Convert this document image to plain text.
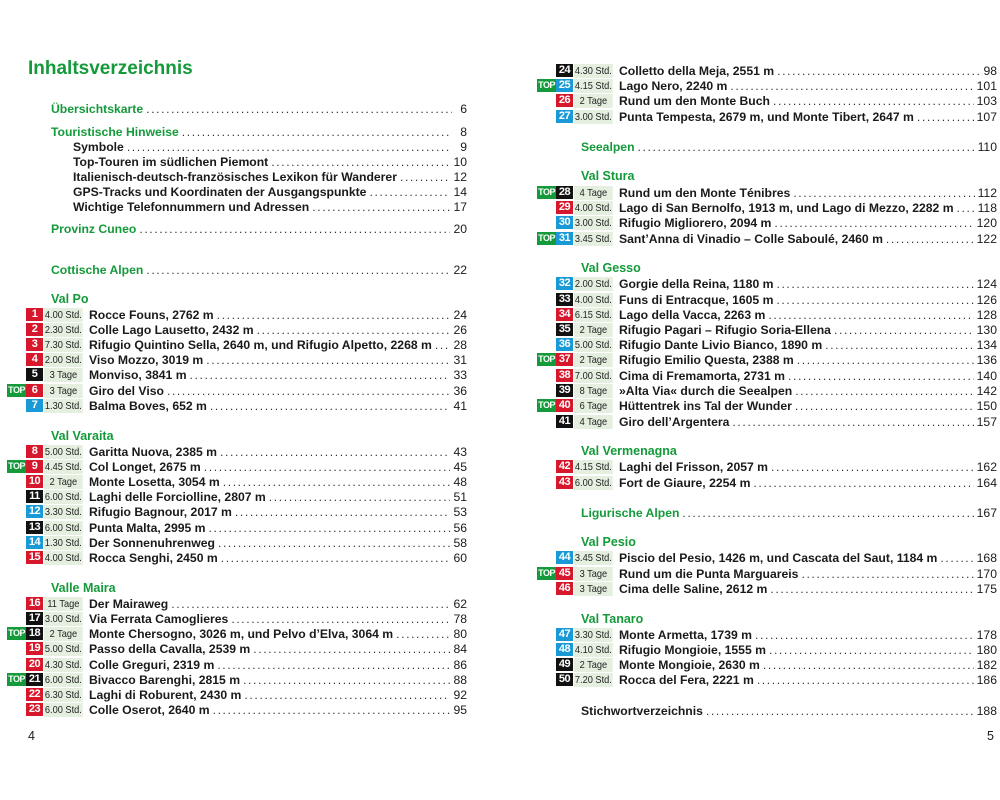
Inhaltsverzeichnis
Übersichtskarte .....	6
Touristische Hinweise .....	8
Symbole .....	9
Top-Touren im südlichen Piemont .....	10
Italienisch-deutsch-französisches Lexikon für Wanderer .....	12
GPS-Tracks und Koordinaten der Ausgangspunkte .....	14
Wichtige Telefonnummern und Adressen .....	17
Provinz Cuneo .....	20
Cottische Alpen .....	22
Val Po
Val Varaita
Valle Maira
1 4.00 Std. Rocce Founs, 2762 m .....	24
2 2.30 Std. Colle Lago Lausetto, 2432 m .....	26
3 7.30 Std. Rifugio Quintino Sella, 2640 m, und Rifugio Alpetto, 2268 m ..... 28
4 2.00 Std. Viso Mozzo, 3019 m .....	31
5	3 Tage Monviso, 3841 m .....	33
TOP 6	3 Tage Giro del Viso .....	36
7 1.30 Std. Balma Boves, 652 m .....	41
8 5.00 Std. Garitta Nuova, 2385 m .....	43
TOP 9 4.45 Std. Col Longet, 2675 m .....	45
10 2 Tage Monte Losetta, 3054 m .....	48
11 6.00 Std. Laghi delle Forciolline, 2807 m .....	51
12 3.30 Std. Rifugio Bagnour, 2017 m .....	53
13 6.00 Std. Punta Malta, 2995 m .....	56
14 1.30 Std. Der Sonnenuhrenweg .....	58
15 4.00 Std. Rocca Senghi, 2450 m .....	60
16 11 Tage Der Mairaweg .....	62
17 3.00 Std. Via Ferrata Camoglieres .....	78
TOP 18 2 Tage Monte Chersogno, 3026 m, und Pelvo d’Elva, 3064 m .....	80
19 5.00 Std. Passo della Cavalla, 2539 m .....	84
20 4.30 Std. Colle Greguri, 2319 m .....	86
TOP 21 6.00 Std. Bivacco Barenghi, 2815 m .....	88
22 6.30 Std. Laghi di Roburent, 2430 m .....	92
23 6.00 Std. Colle Oserot, 2640 m .....	95
4
Seealpen .....	110
Ligurische Alpen .....	167
Stichwortverzeichnis .....	188
Val Stura
Val Gesso
Val Vermenagna
Val Pesio
Val Tanaro
24 4.30 Std. Colletto della Meja, 2551 m .....	98
TOP 25 4.15 Std. Lago Nero, 2240 m .....	101
26 2 Tage Rund um den Monte Buch .....	103
27 3.00 Std. Punta Tempesta, 2679 m, und Monte Tibert, 2647 m .....	107
TOP 28 4 Tage Rund um den Monte Ténibres .....	112
29 4.00 Std. Lago di San Bernolfo, 1913 m, und Lago di Mezzo, 2282 m ..... 118
30 3.00 Std. Rifugio Migliorero, 2094 m .....	120
TOP 31 3.45 Std. Sant’Anna di Vinadio – Colle Saboulé, 2460 m .....	122
32 2.00 Std. Gorgie della Reina, 1180 m .....	124
33 4.00 Std. Funs di Entracque, 1605 m .....	126
34 6.15 Std. Lago della Vacca, 2263 m .....	128
35 2 Tage Rifugio Pagari – Rifugio Soria-Ellena .....	130
36 5.00 Std. Rifugio Dante Livio Bianco, 1890 m .....	134
TOP 37 2 Tage Rifugio Emilio Questa, 2388 m .....	136
38 7.00 Std. Cima di Fremamorta, 2731 m .....	140
39 8 Tage »Alta Via« durch die Seealpen .....	142
TOP 40 6 Tage Hüttentrek ins Tal der Wunder .....	150
41 4 Tage Giro dell’Argentera .....	157
42 4.15 Std. Laghi del Frisson, 2057 m .....	162
43 6.00 Std. Fort de Giaure, 2254 m .....	164
44 3.45 Std. Piscio del Pesio, 1426 m, und Cascata del Saut, 1184 m .....	168
TOP 45 3 Tage Rund um die Punta Marguareis .....	170
46 3 Tage Cima delle Saline, 2612 m .....	175
47 3.30 Std. Monte Armetta, 1739 m .....	178
48 4.10 Std. Rifugio Mongioie, 1555 m .....	180
49 2 Tage Monte Mongioie, 2630 m .....	182
50 7.20 Std. Rocca del Fera, 2221 m .....	186
5
